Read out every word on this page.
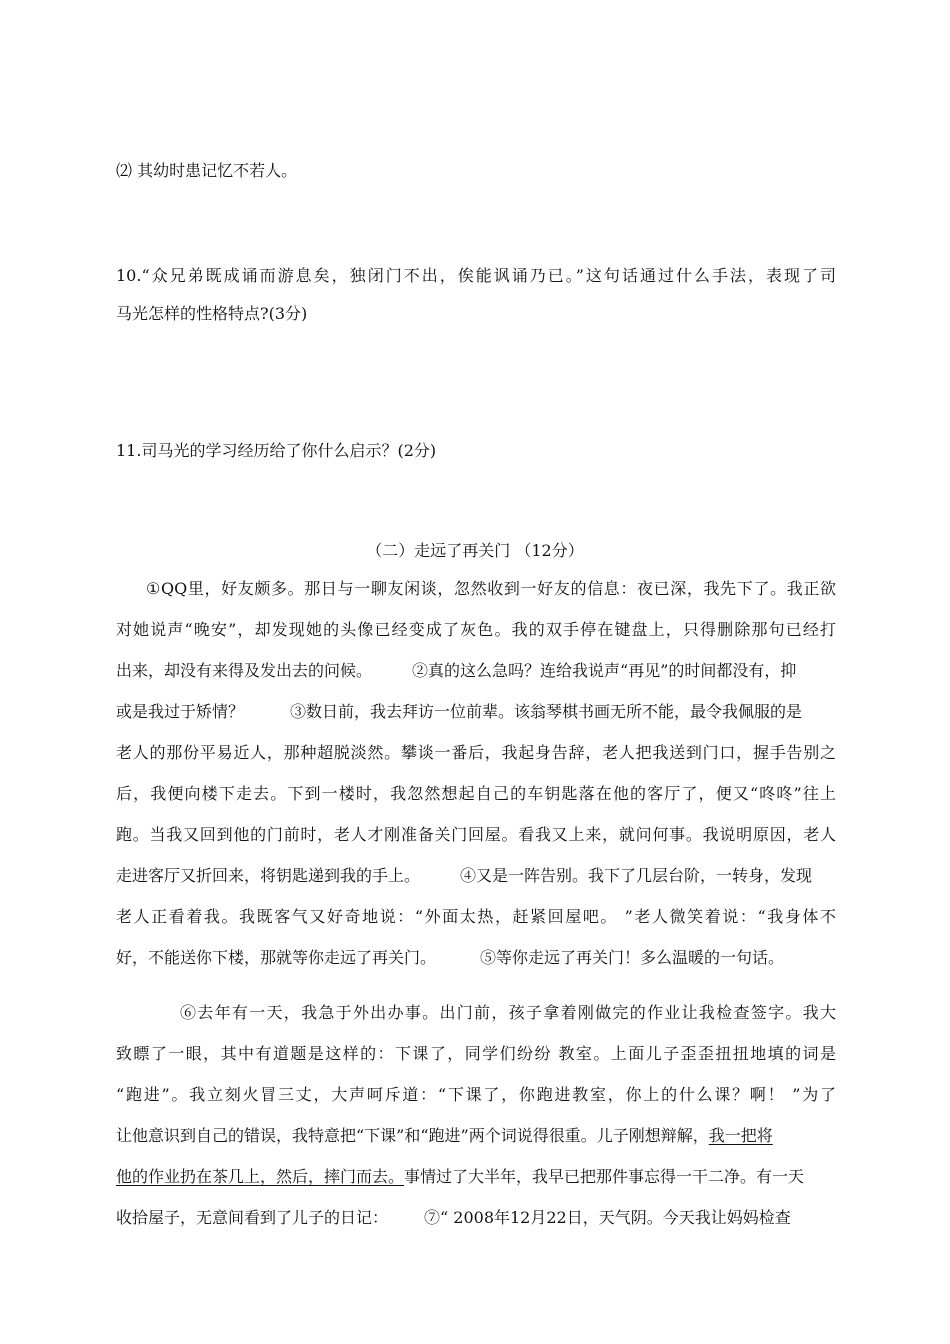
⑵ 其幼时患记忆不若人。
10.“众兄弟既成诵而游息矣，独闭门不出，俟能讽诵乃已。”这句话通过什么手法，表现了司
马光怎样的性格特点?(3分)
11.司马光的学习经历给了你什么启示？(2分)
（二）走远了再关门 （12分）
①QQ里，好友颇多。那日与一聊友闲谈，忽然收到一好友的信息：夜已深，我先下了。我正欲
对她说声“晚安”，却发现她的头像已经变成了灰色。我的双手停在键盘上，只得删除那句已经打
出来，却没有来得及发出去的问候。	②真的这么急吗？连给我说声“再见”的时间都没有，抑
或是我过于矫情？	③数日前，我去拜访一位前辈。该翁琴棋书画无所不能，最令我佩服的是
老人的那份平易近人，那种超脱淡然。攀谈一番后，我起身告辞，老人把我送到门口，握手告别之
后，我便向楼下走去。下到一楼时，我忽然想起自己的车钥匙落在他的客厅了，便又“咚咚”往上
跑。当我又回到他的门前时，老人才刚准备关门回屋。看我又上来，就问何事。我说明原因，老人
走进客厅又折回来，将钥匙递到我的手上。	④又是一阵告别。我下了几层台阶，一转身，发现
老人正看着我。我既客气又好奇地说：“外面太热，赶紧回屋吧。 ”老人微笑着说：“我身体不
好，不能送你下楼，那就等你走远了再关门。	⑤等你走远了再关门！多么温暖的一句话。
⑥去年有一天，我急于外出办事。出门前，孩子拿着刚做完的作业让我检查签字。我大
致瞟了一眼，其中有道题是这样的：下课了，同学们纷纷 教室。上面儿子歪歪扭扭地填的词是
“跑进”。我立刻火冒三丈，大声呵斥道：“下课了，你跑进教室，你上的什么课？啊！ ”为了
让他意识到自己的错误，我特意把“下课”和“跑进”两个词说得很重。儿子刚想辩解，我一把将
他的作业扔在茶几上，然后，摔门而去。事情过了大半年，我早已把那件事忘得一干二净。有一天
收拾屋子，无意间看到了儿子的日记： ⑦“ 2008年12月22日，天气阴。今天我让妈妈检查
